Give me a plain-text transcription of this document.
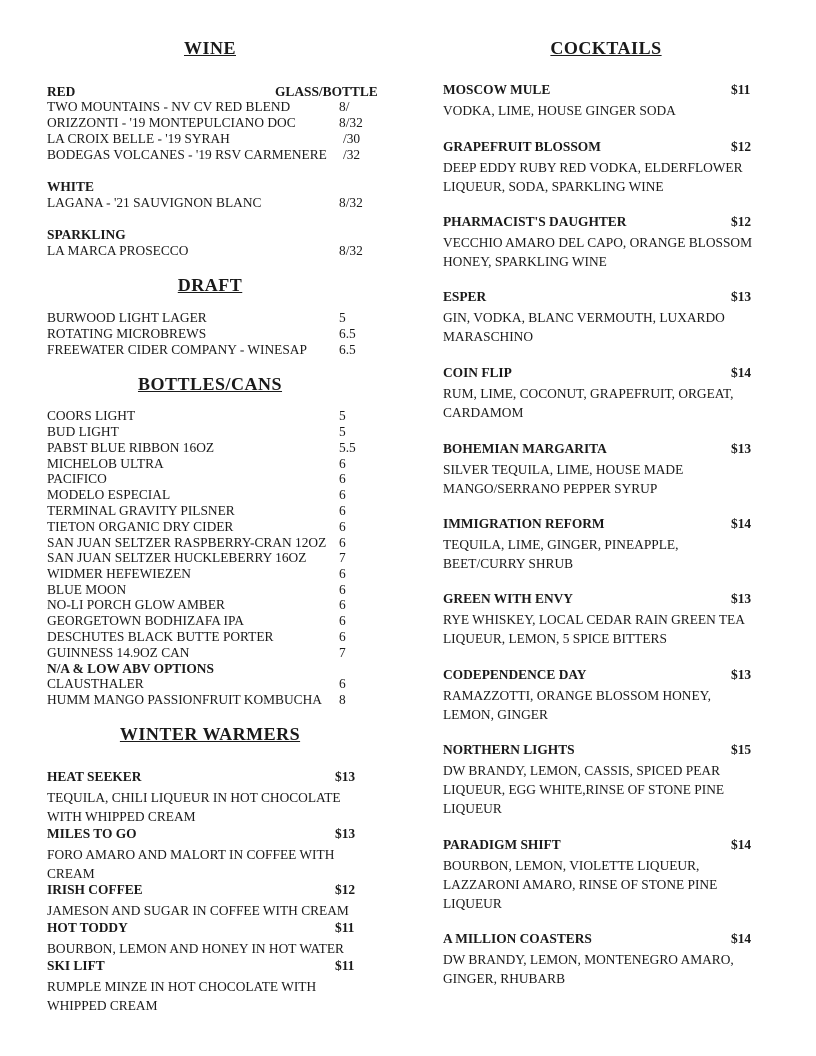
WINE
RED	GLASS/BOTTLE
TWO MOUNTAINS - NV CV RED BLEND	8/
ORIZZONTI - '19 MONTEPULCIANO DOC	8/32
LA CROIX BELLE - '19 SYRAH	/30
BODEGAS VOLCANES - '19 RSV CARMENERE /32
WHITE
LAGANA - '21 SAUVIGNON BLANC	8/32
SPARKLING
LA MARCA PROSECCO	8/32
DRAFT
BURWOOD LIGHT LAGER	5
ROTATING MICROBREWS	6.5
FREEWATER CIDER COMPANY - WINESAP 6.5
BOTTLES/CANS
COORS LIGHT	5
BUD LIGHT	5
PABST BLUE RIBBON 16OZ	5.5
MICHELOB ULTRA	6
PACIFICO	6
MODELO ESPECIAL	6
TERMINAL GRAVITY PILSNER	6
TIETON ORGANIC DRY CIDER	6
SAN JUAN SELTZER RASPBERRY-CRAN 12OZ 6
SAN JUAN SELTZER HUCKLEBERRY 16OZ 7
WIDMER HEFEWIEZEN	6
BLUE MOON	6
NO-LI PORCH GLOW AMBER	6
GEORGETOWN BODHIZAFA IPA	6
DESCHUTES BLACK BUTTE PORTER	6
GUINNESS 14.9OZ CAN	7
N/A & LOW ABV OPTIONS
CLAUSTHALER	6
HUMM MANGO PASSIONFRUIT KOMBUCHA 8
WINTER WARMERS
HEAT SEEKER	$13
TEQUILA, CHILI LIQUEUR IN HOT CHOCOLATE WITH WHIPPED CREAM
MILES TO GO	$13
FORO AMARO AND MALORT IN COFFEE WITH CREAM
IRISH COFFEE	$12
JAMESON AND SUGAR IN COFFEE WITH CREAM
HOT TODDY	$11
BOURBON, LEMON AND HONEY IN HOT WATER
SKI LIFT	$11
RUMPLE MINZE IN HOT CHOCOLATE WITH WHIPPED CREAM
COCKTAILS
MOSCOW MULE	$11
VODKA, LIME, HOUSE GINGER SODA
GRAPEFRUIT BLOSSOM	$12
DEEP EDDY RUBY RED VODKA, ELDERFLOWER LIQUEUR, SODA, SPARKLING WINE
PHARMACIST'S DAUGHTER	$12
VECCHIO AMARO DEL CAPO, ORANGE BLOSSOM HONEY, SPARKLING WINE
ESPER	$13
GIN, VODKA, BLANC VERMOUTH, LUXARDO MARASCHINO
COIN FLIP	$14
RUM, LIME, COCONUT, GRAPEFRUIT, ORGEAT, CARDAMOM
BOHEMIAN MARGARITA	$13
SILVER TEQUILA, LIME, HOUSE MADE MANGO/SERRANO PEPPER SYRUP
IMMIGRATION REFORM	$14
TEQUILA, LIME, GINGER, PINEAPPLE, BEET/CURRY SHRUB
GREEN WITH ENVY	$13
RYE WHISKEY, LOCAL CEDAR RAIN GREEN TEA LIQUEUR, LEMON, 5 SPICE BITTERS
CODEPENDENCE DAY	$13
RAMAZZOTTI, ORANGE BLOSSOM HONEY, LEMON, GINGER
NORTHERN LIGHTS	$15
DW BRANDY, LEMON, CASSIS, SPICED PEAR LIQUEUR, EGG WHITE,RINSE OF STONE PINE LIQUEUR
PARADIGM SHIFT	$14
BOURBON, LEMON, VIOLETTE LIQUEUR, LAZZARONI AMARO, RINSE OF STONE PINE LIQUEUR
A MILLION COASTERS	$14
DW BRANDY, LEMON, MONTENEGRO AMARO, GINGER, RHUBARB
